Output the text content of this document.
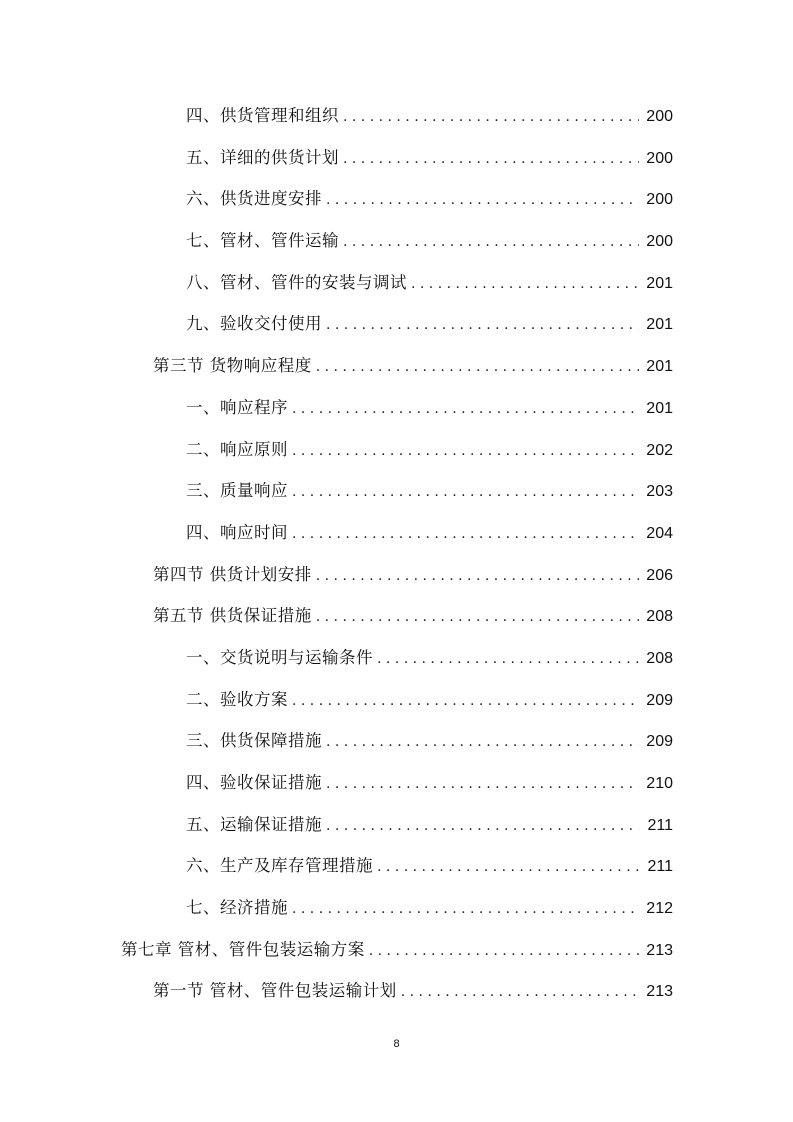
四、供货管理和组织 . . .	200
五、详细的供货计划 . . .	200
六、供货进度安排 . . .	200
七、管材、管件运输 . . .	200
八、管材、管件的安装与调试 . . .	201
九、验收交付使用 . . .	201
第三节 货物响应程度 . . .	201
一、响应程序 . . .	201
二、响应原则 . . .	202
三、质量响应 . . .	203
四、响应时间 . . .	204
第四节 供货计划安排 . . .	206
第五节 供货保证措施 . . .	208
一、交货说明与运输条件 . . .	208
二、验收方案 . . .	209
三、供货保障措施 . . .	209
四、验收保证措施 . . .	210
五、运输保证措施 . . .	211
六、生产及库存管理措施 . . .	211
七、经济措施 . . .	212
第七章 管材、管件包装运输方案 . . .	213
第一节 管材、管件包装运输计划 . . .	213
8
